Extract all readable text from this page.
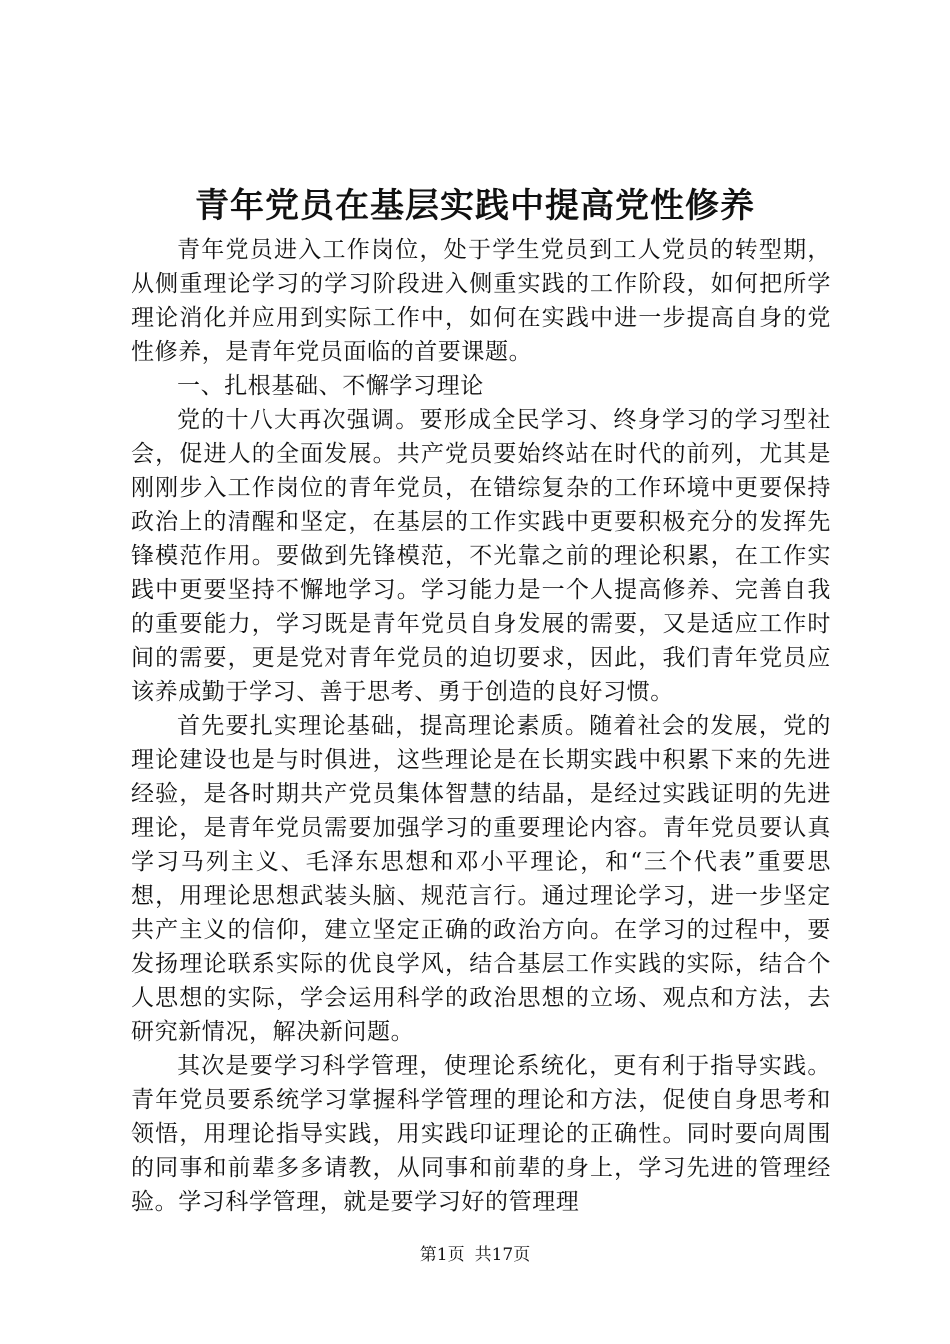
青年党员在基层实践中提高党性修养

青年党员进入工作岗位，处于学生党员到工人党员的转型期，从侧重理论学习的学习阶段进入侧重实践的工作阶段，如何把所学理论消化并应用到实际工作中，如何在实践中进一步提高自身的党性修养，是青年党员面临的首要课题。

一、扎根基础、不懈学习理论

党的十八大再次强调。要形成全民学习、终身学习的学习型社会，促进人的全面发展。共产党员要始终站在时代的前列，尤其是刚刚步入工作岗位的青年党员，在错综复杂的工作环境中更要保持政治上的清醒和坚定，在基层的工作实践中更要积极充分的发挥先锋模范作用。要做到先锋模范，不光靠之前的理论积累，在工作实践中更要坚持不懈地学习。学习能力是一个人提高修养、完善自我的重要能力，学习既是青年党员自身发展的需要，又是适应工作时间的需要，更是党对青年党员的迫切要求，因此，我们青年党员应该养成勤于学习、善于思考、勇于创造的良好习惯。

首先要扎实理论基础，提高理论素质。随着社会的发展，党的理论建设也是与时俱进，这些理论是在长期实践中积累下来的先进经验，是各时期共产党员集体智慧的结晶，是经过实践证明的先进理论，是青年党员需要加强学习的重要理论内容。青年党员要认真学习马列主义、毛泽东思想和邓小平理论，和“三个代表”重要思想，用理论思想武装头脑、规范言行。通过理论学习，进一步坚定共产主义的信仰，建立坚定正确的政治方向。在学习的过程中，要发扬理论联系实际的优良学风，结合基层工作实践的实际，结合个人思想的实际，学会运用科学的政治思想的立场、观点和方法，去研究新情况，解决新问题。

其次是要学习科学管理，使理论系统化，更有利于指导实践。青年党员要系统学习掌握科学管理的理论和方法，促使自身思考和领悟，用理论指导实践，用实践印证理论的正确性。同时要向周围的同事和前辈多多请教，从同事和前辈的身上，学习先进的管理经验。学习科学管理，就是要学习好的管理理

第1页 共17页
